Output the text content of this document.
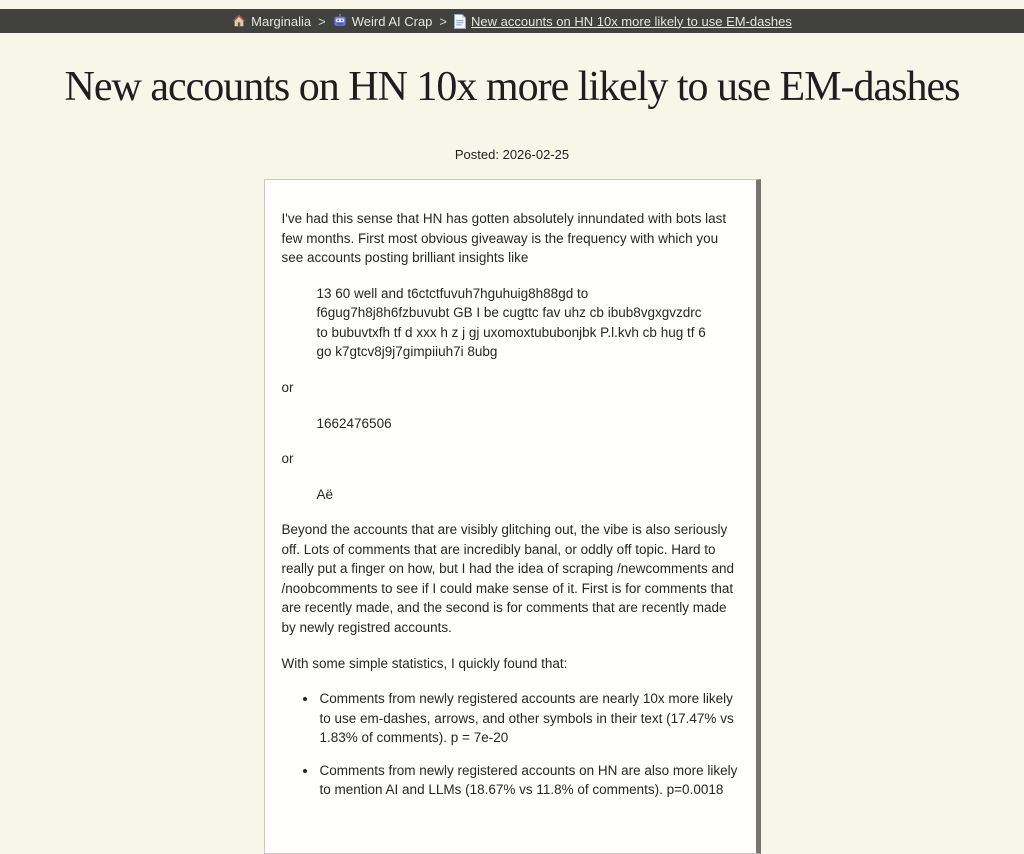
Marginalia > Weird AI Crap > New accounts on HN 10x more likely to use EM-dashes
New accounts on HN 10x more likely to use EM-dashes
Posted: 2026-02-25

I've had this sense that HN has gotten absolutely innundated with bots last few months. First most obvious giveaway is the frequency with which you see accounts posting brilliant insights like

13 60 well and t6ctctfuvuh7hguhuig8h88gd to f6gug7h8j8h6fzbuvubt GB I be cugttc fav uhz cb ibub8vgxgvzdrc to bubuvtxfh tf d xxx h z j gj uxomoxtububonjbk P.l.kvh cb hug tf 6 go k7gtcv8j9j7gimpiiuh7i 8ubg

or

1662476506

or

Aë

Beyond the accounts that are visibly glitching out, the vibe is also seriously off. Lots of comments that are incredibly banal, or oddly off topic. Hard to really put a finger on how, but I had the idea of scraping /newcomments and /noobcomments to see if I could make sense of it. First is for comments that are recently made, and the second is for comments that are recently made by newly registred accounts.

With some simple statistics, I quickly found that:

• Comments from newly registered accounts are nearly 10x more likely to use em-dashes, arrows, and other symbols in their text (17.47% vs 1.83% of comments). p = 7e-20
• Comments from newly registered accounts on HN are also more likely to mention AI and LLMs (18.67% vs 11.8% of comments). p=0.0018
